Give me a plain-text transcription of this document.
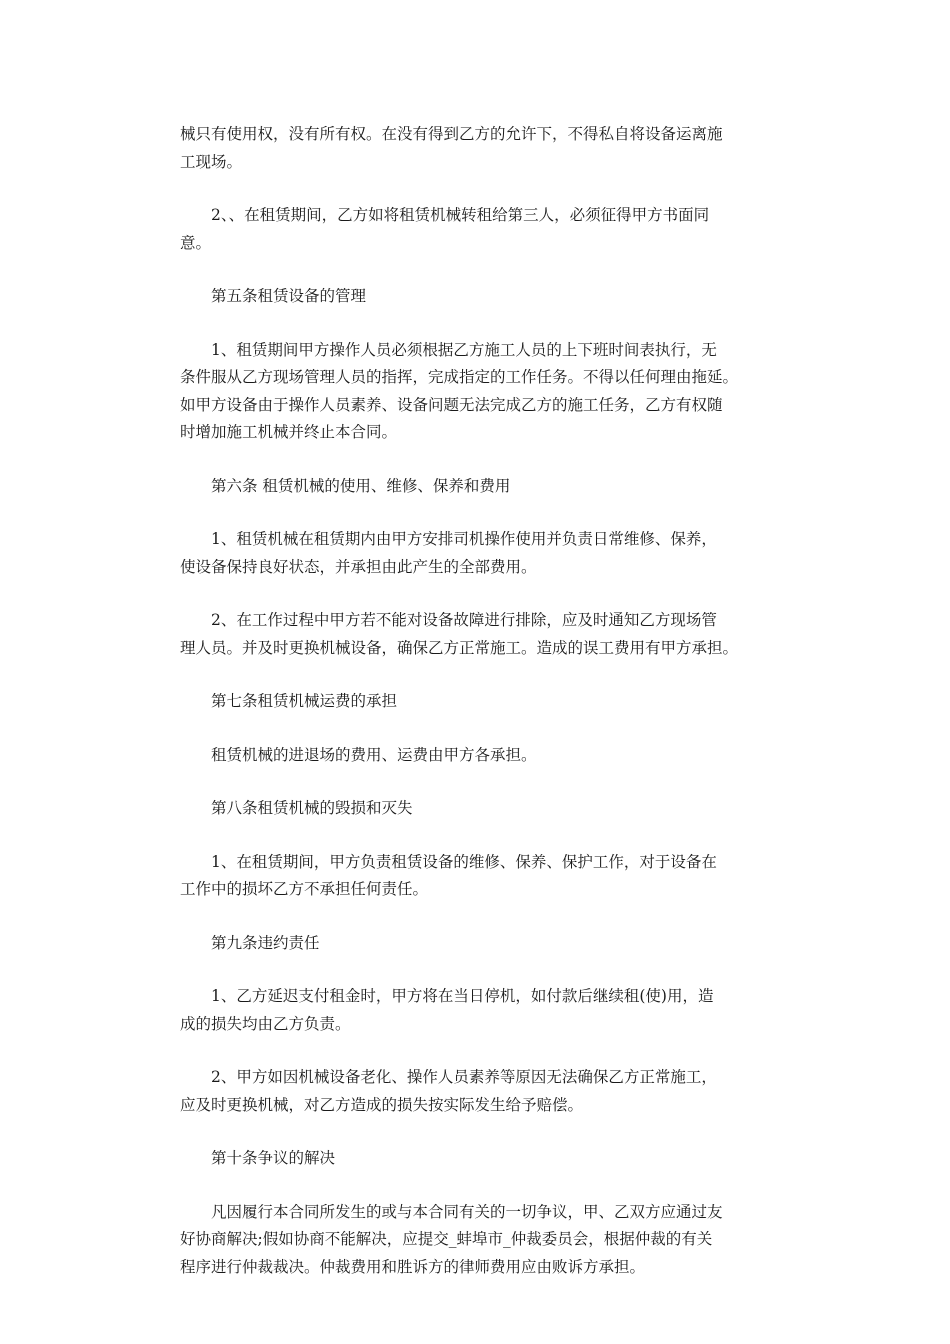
械只有使用权，没有所有权。在没有得到乙方的允许下，不得私自将设备运离施
工现场。
2、、在租赁期间，乙方如将租赁机械转租给第三人，必须征得甲方书面同
意。
第五条租赁设备的管理
1、租赁期间甲方操作人员必须根据乙方施工人员的上下班时间表执行，无
条件服从乙方现场管理人员的指挥，完成指定的工作任务。不得以任何理由拖延。
如甲方设备由于操作人员素养、设备问题无法完成乙方的施工任务，乙方有权随
时增加施工机械并终止本合同。
第六条 租赁机械的使用、维修、保养和费用
1、租赁机械在租赁期内由甲方安排司机操作使用并负责日常维修、保养，
使设备保持良好状态，并承担由此产生的全部费用。
2、在工作过程中甲方若不能对设备故障进行排除，应及时通知乙方现场管
理人员。并及时更换机械设备，确保乙方正常施工。造成的误工费用有甲方承担。
第七条租赁机械运费的承担
租赁机械的进退场的费用、运费由甲方各承担。
第八条租赁机械的毁损和灭失
1、在租赁期间，甲方负责租赁设备的维修、保养、保护工作，对于设备在
工作中的损坏乙方不承担任何责任。
第九条违约责任
1、乙方延迟支付租金时，甲方将在当日停机，如付款后继续租(使)用，造
成的损失均由乙方负责。
2、甲方如因机械设备老化、操作人员素养等原因无法确保乙方正常施工，
应及时更换机械，对乙方造成的损失按实际发生给予赔偿。
第十条争议的解决
凡因履行本合同所发生的或与本合同有关的一切争议，甲、乙双方应通过友
好协商解决;假如协商不能解决，应提交_蚌埠市_仲裁委员会，根据仲裁的有关
程序进行仲裁裁决。仲裁费用和胜诉方的律师费用应由败诉方承担。
